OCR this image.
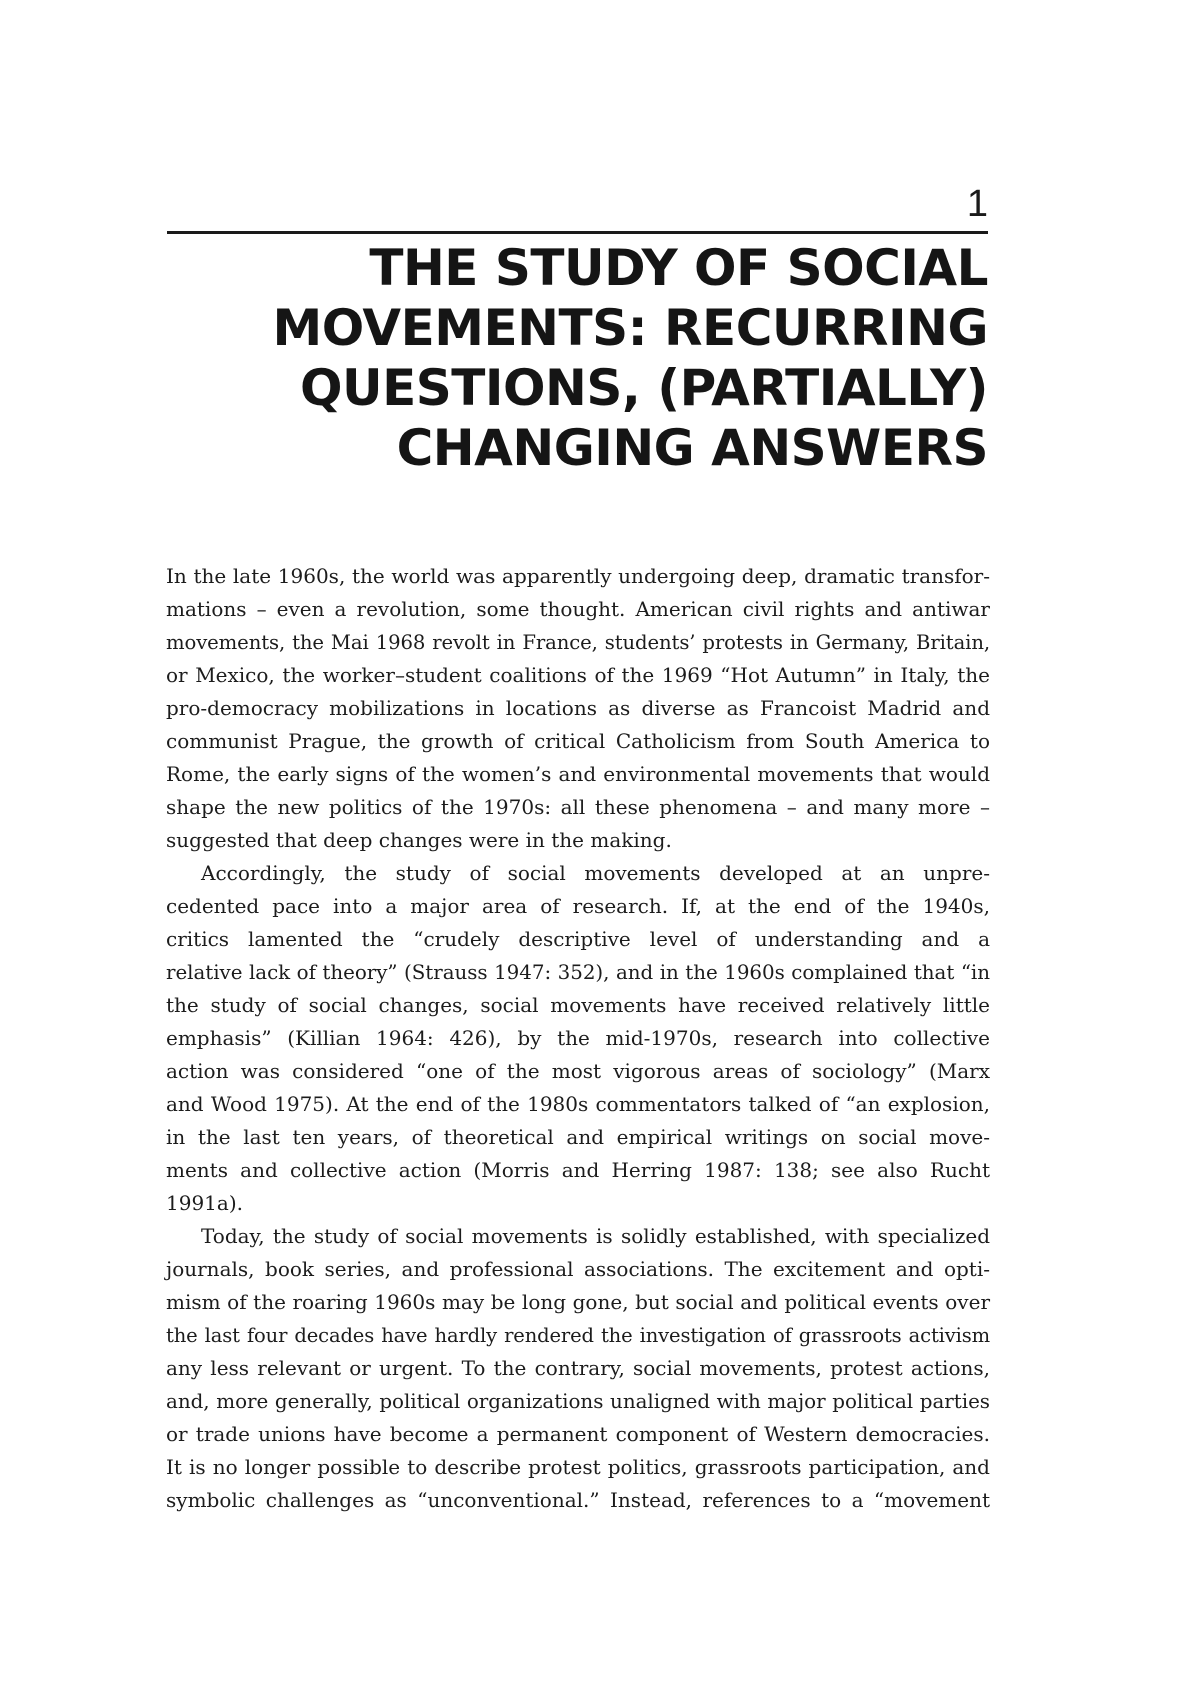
1
THE STUDY OF SOCIAL
MOVEMENTS: RECURRING
QUESTIONS, (PARTIALLY)
CHANGING ANSWERS
In the late 1960s, the world was apparently undergoing deep, dramatic transfor-
mations – even a revolution, some thought. American civil rights and antiwar
movements, the Mai 1968 revolt in France, students’ protests in Germany, Britain,
or Mexico, the worker–student coalitions of the 1969 “Hot Autumn” in Italy, the
pro-democracy mobilizations in locations as diverse as Francoist Madrid and
communist Prague, the growth of critical Catholicism from South America to
Rome, the early signs of the women’s and environmental movements that would
shape the new politics of the 1970s: all these phenomena – and many more –
suggested that deep changes were in the making.
Accordingly, the study of social movements developed at an unpre-
cedented pace into a major area of research. If, at the end of the 1940s,
critics lamented the “crudely descriptive level of understanding and a
relative lack of theory” (Strauss 1947: 352), and in the 1960s complained that “in
the study of social changes, social movements have received relatively little
emphasis” (Killian 1964: 426), by the mid-1970s, research into collective
action was considered “one of the most vigorous areas of sociology” (Marx
and Wood 1975). At the end of the 1980s commentators talked of “an explosion,
in the last ten years, of theoretical and empirical writings on social move-
ments and collective action (Morris and Herring 1987: 138; see also Rucht
1991a).
Today, the study of social movements is solidly established, with specialized
journals, book series, and professional associations. The excitement and opti-
mism of the roaring 1960s may be long gone, but social and political events over
the last four decades have hardly rendered the investigation of grassroots activism
any less relevant or urgent. To the contrary, social movements, protest actions,
and, more generally, political organizations unaligned with major political parties
or trade unions have become a permanent component of Western democracies.
It is no longer possible to describe protest politics, grassroots participation, and
symbolic challenges as “unconventional.” Instead, references to a “movement
